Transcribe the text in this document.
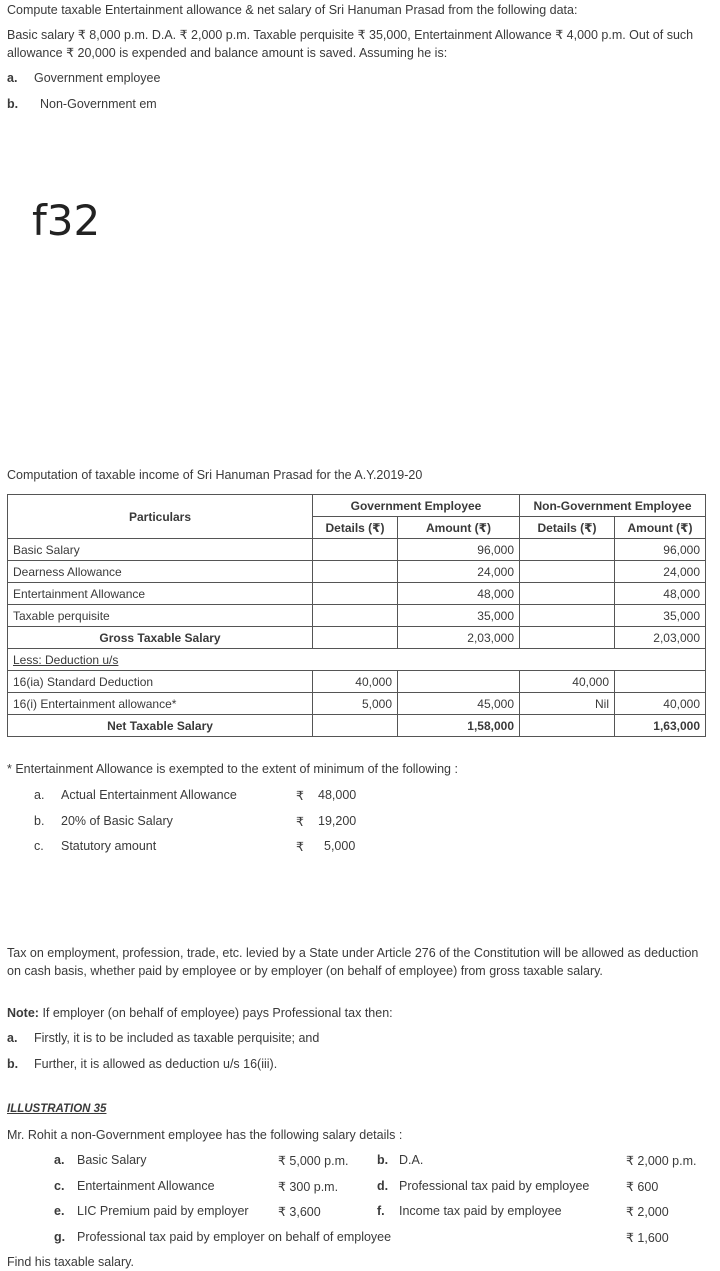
Compute taxable Entertainment allowance & net salary of Sri Hanuman Prasad from the following data:
Basic salary ₹ 8,000 p.m. D.A. ₹ 2,000 p.m. Taxable perquisite ₹ 35,000, Entertainment Allowance ₹ 4,000 p.m. Out of such allowance ₹ 20,000 is expended and balance amount is saved. Assuming he is:
a. Government employee
b. Non-Government em
f32
Computation of taxable income of Sri Hanuman Prasad for the A.Y.2019-20
Particulars	Government Employee		Non-Government Employee	
	Details (₹)	Amount (₹)	Details (₹)	Amount (₹)
Basic Salary		96,000		96,000
Dearness Allowance		24,000		24,000
Entertainment Allowance		48,000		48,000
Taxable perquisite		35,000		35,000
Gross Taxable Salary		2,03,000		2,03,000
Less: Deduction u/s				
16(ia) Standard Deduction	40,000		40,000	
16(i) Entertainment allowance*	5,000	45,000	Nil	40,000
Net Taxable Salary		1,58,000		1,63,000
* Entertainment Allowance is exempted to the extent of minimum of the following :
a. Actual Entertainment Allowance	₹ 48,000
b. 20% of Basic Salary	₹ 19,200
c. Statutory amount	₹ 5,000
Tax on employment, profession, trade, etc. levied by a State under Article 276 of the Constitution will be allowed as deduction on cash basis, whether paid by employee or by employer (on behalf of employee) from gross taxable salary.
Note: If employer (on behalf of employee) pays Professional tax then:
a. Firstly, it is to be included as taxable perquisite; and
b. Further, it is allowed as deduction u/s 16(iii).
ILLUSTRATION 35
Mr. Rohit a non-Government employee has the following salary details :
a. Basic Salary	₹ 5,000 p.m. b. D.A.	₹ 2,000 p.m.
c. Entertainment Allowance	₹ 300 p.m.	d. Professional tax paid by employee	₹ 600
e. LIC Premium paid by employer ₹ 3,600	f. Income tax paid by employee	₹ 2,000
g. Professional tax paid by employer on behalf of employee	₹ 1,600
Find his taxable salary.
